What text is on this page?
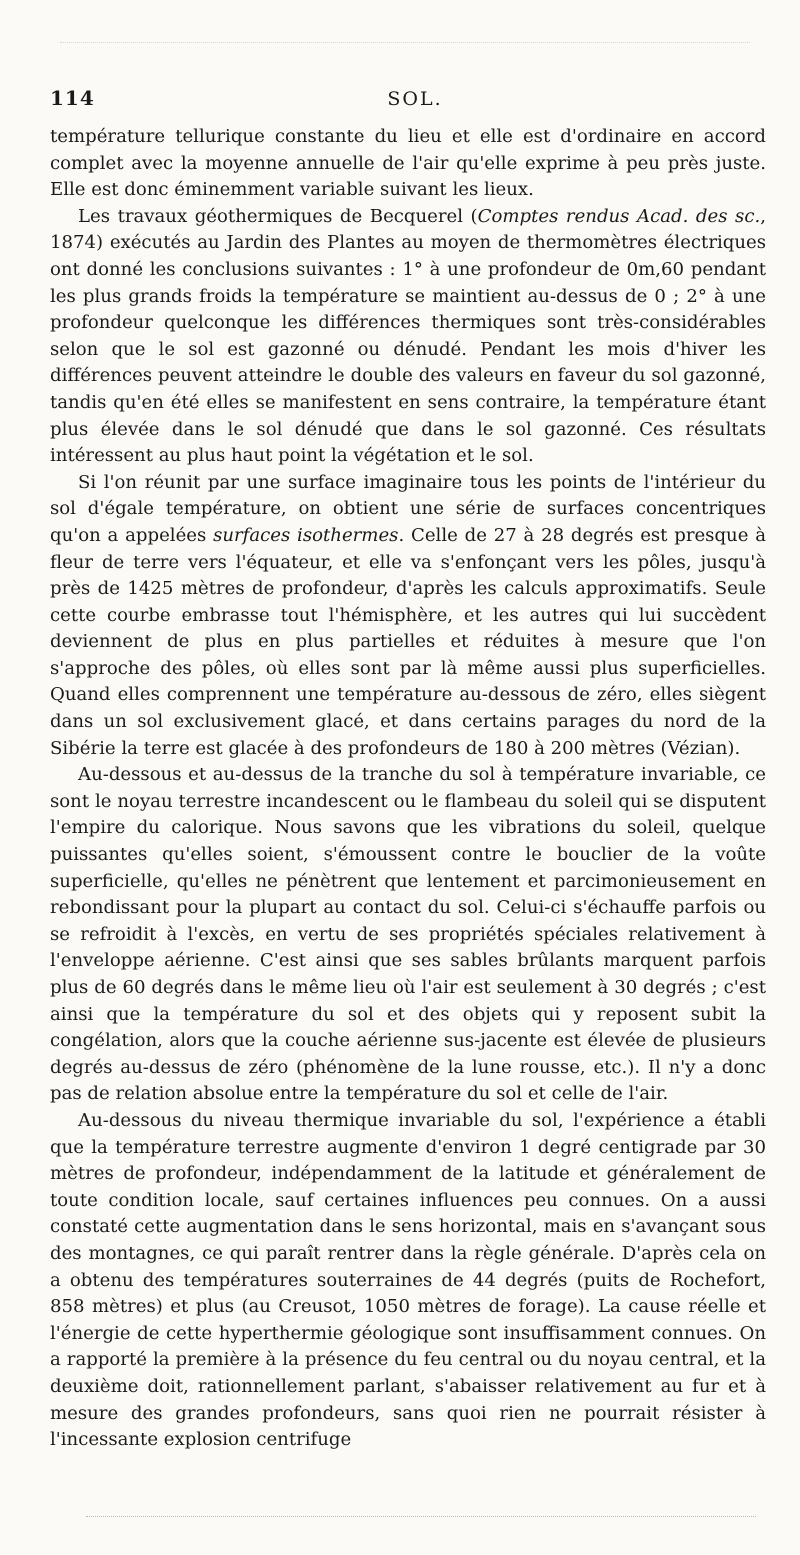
114	SOL.

température tellurique constante du lieu et elle est d'ordinaire en accord complet avec la moyenne annuelle de l'air qu'elle exprime à peu près juste. Elle est donc éminemment variable suivant les lieux.

Les travaux géothermiques de Becquerel (Comptes rendus Acad. des sc., 1874) exécutés au Jardin des Plantes au moyen de thermomètres électriques ont donné les conclusions suivantes : 1° à une profondeur de 0m,60 pendant les plus grands froids la température se maintient au-dessus de 0 ; 2° à une profondeur quelconque les différences thermiques sont très-considérables selon que le sol est gazonné ou dénudé. Pendant les mois d'hiver les différences peuvent atteindre le double des valeurs en faveur du sol gazonné, tandis qu'en été elles se manifestent en sens contraire, la température étant plus élevée dans le sol dénudé que dans le sol gazonné. Ces résultats intéressent au plus haut point la végétation et le sol.

Si l'on réunit par une surface imaginaire tous les points de l'intérieur du sol d'égale température, on obtient une série de surfaces concentriques qu'on a appelées surfaces isothermes. Celle de 27 à 28 degrés est presque à fleur de terre vers l'équateur, et elle va s'enfonçant vers les pôles, jusqu'à près de 1425 mètres de profondeur, d'après les calculs approximatifs. Seule cette courbe embrasse tout l'hémisphère, et les autres qui lui succèdent deviennent de plus en plus partielles et réduites à mesure que l'on s'approche des pôles, où elles sont par là même aussi plus superficielles. Quand elles comprennent une température au-dessous de zéro, elles siègent dans un sol exclusivement glacé, et dans certains parages du nord de la Sibérie la terre est glacée à des profondeurs de 180 à 200 mètres (Vézian).

Au-dessous et au-dessus de la tranche du sol à température invariable, ce sont le noyau terrestre incandescent ou le flambeau du soleil qui se disputent l'empire du calorique. Nous savons que les vibrations du soleil, quelque puissantes qu'elles soient, s'émoussent contre le bouclier de la voûte superficielle, qu'elles ne pénètrent que lentement et parcimonieusement en rebondissant pour la plupart au contact du sol. Celui-ci s'échauffe parfois ou se refroidit à l'excès, en vertu de ses propriétés spéciales relativement à l'enveloppe aérienne. C'est ainsi que ses sables brûlants marquent parfois plus de 60 degrés dans le même lieu où l'air est seulement à 30 degrés ; c'est ainsi que la température du sol et des objets qui y reposent subit la congélation, alors que la couche aérienne sus-jacente est élevée de plusieurs degrés au-dessus de zéro (phénomène de la lune rousse, etc.). Il n'y a donc pas de relation absolue entre la température du sol et celle de l'air.

Au-dessous du niveau thermique invariable du sol, l'expérience a établi que la température terrestre augmente d'environ 1 degré centigrade par 30 mètres de profondeur, indépendamment de la latitude et généralement de toute condition locale, sauf certaines influences peu connues. On a aussi constaté cette augmentation dans le sens horizontal, mais en s'avançant sous des montagnes, ce qui paraît rentrer dans la règle générale. D'après cela on a obtenu des températures souterraines de 44 degrés (puits de Rochefort, 858 mètres) et plus (au Creusot, 1050 mètres de forage). La cause réelle et l'énergie de cette hyperthermie géologique sont insuffisamment connues. On a rapporté la première à la présence du feu central ou du noyau central, et la deuxième doit, rationnellement parlant, s'abaisser relativement au fur et à mesure des grandes profondeurs, sans quoi rien ne pourrait résister à l'incessante explosion centrifuge
